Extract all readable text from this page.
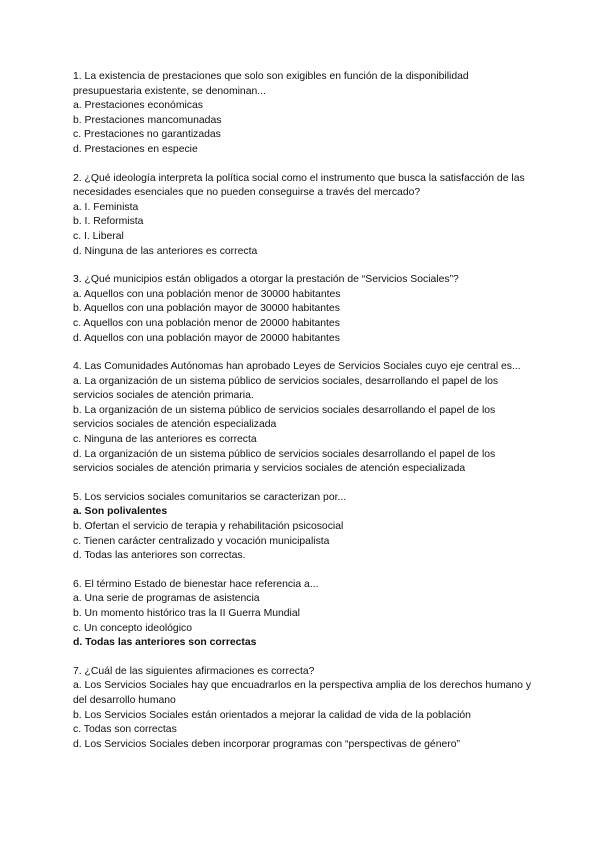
1. La existencia de prestaciones que solo son exigibles en función de la disponibilidad presupuestaria existente, se denominan...
a. Prestaciones económicas
b. Prestaciones mancomunadas
c. Prestaciones no garantizadas
d. Prestaciones en especie
2. ¿Qué ideología interpreta la política social como el instrumento que busca la satisfacción de las necesidades esenciales que no pueden conseguirse a través del mercado?
a. I. Feminista
b. I. Reformista
c. I. Liberal
d. Ninguna de las anteriores es correcta
3. ¿Qué municipios están obligados a otorgar la prestación de “Servicios Sociales”?
a. Aquellos con una población menor de 30000 habitantes
b. Aquellos con una población mayor de 30000 habitantes
c. Aquellos con una población menor de 20000 habitantes
d. Aquellos con una población mayor de 20000 habitantes
4. Las Comunidades Autónomas han aprobado Leyes de Servicios Sociales cuyo eje central es...
a. La organización de un sistema público de servicios sociales, desarrollando el papel de los servicios sociales de atención primaria.
b. La organización de un sistema público de servicios sociales desarrollando el papel de los servicios sociales de atención especializada
c. Ninguna de las anteriores es correcta
d. La organización de un sistema público de servicios sociales desarrollando el papel de los servicios sociales de atención primaria y servicios sociales de atención especializada
5. Los servicios sociales comunitarios se caracterizan por...
a. Son polivalentes
b. Ofertan el servicio de terapia y rehabilitación psicosocial
c. Tienen carácter centralizado y vocación municipalista
d. Todas las anteriores son correctas.
6. El término Estado de bienestar hace referencia a...
a. Una serie de programas de asistencia
b. Un momento histórico tras la II Guerra Mundial
c. Un concepto ideológico
d. Todas las anteriores son correctas
7. ¿Cuál de las siguientes afirmaciones es correcta?
a. Los Servicios Sociales hay que encuadrarlos en la perspectiva amplia de los derechos humano y del desarrollo humano
b. Los Servicios Sociales están orientados a mejorar la calidad de vida de la población
c. Todas son correctas
d. Los Servicios Sociales deben incorporar programas con “perspectivas de género”
